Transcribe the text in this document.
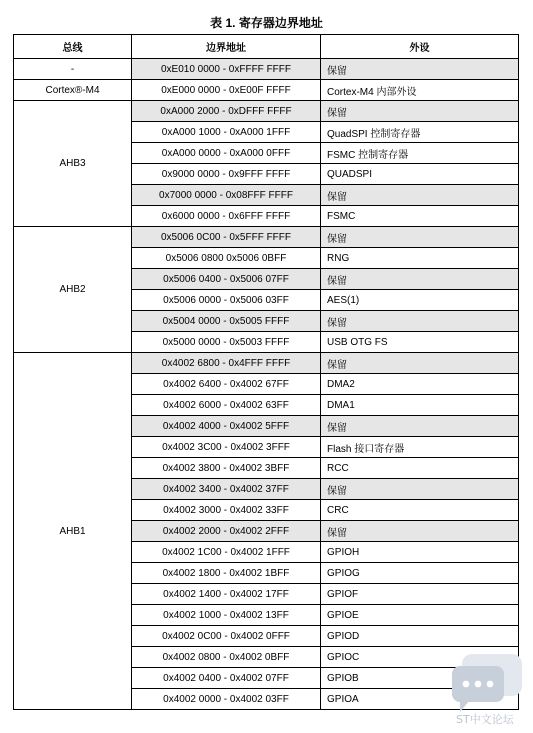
表 1. 寄存器边界地址
总线	边界地址	外设
-	0xE010 0000 - 0xFFFF FFFF	保留
Cortex®-M4	0xE000 0000 - 0xE00F FFFF	Cortex-M4 内部外设
AHB3	0xA000 2000 - 0xDFFF FFFF	保留
	0xA000 1000 - 0xA000 1FFF	QuadSPI 控制寄存器
	0xA000 0000 - 0xA000 0FFF	FSMC 控制寄存器
	0x9000 0000 - 0x9FFF FFFF	QUADSPI
	0x7000 0000 - 0x08FFF FFFF	保留
	0x6000 0000 - 0x6FFF FFFF	FSMC
AHB2	0x5006 0C00 - 0x5FFF FFFF	保留
	0x5006 0800 0x5006 0BFF	RNG
	0x5006 0400 - 0x5006 07FF	保留
	0x5006 0000 - 0x5006 03FF	AES(1)
	0x5004 0000 - 0x5005 FFFF	保留
	0x5000 0000 - 0x5003 FFFF	USB OTG FS
AHB1	0x4002 6800 - 0x4FFF FFFF	保留
	0x4002 6400 - 0x4002 67FF	DMA2
	0x4002 6000 - 0x4002 63FF	DMA1
	0x4002 4000 - 0x4002 5FFF	保留
	0x4002 3C00 - 0x4002 3FFF	Flash 接口寄存器
	0x4002 3800 - 0x4002 3BFF	RCC
	0x4002 3400 - 0x4002 37FF	保留
	0x4002 3000 - 0x4002 33FF	CRC
	0x4002 2000 - 0x4002 2FFF	保留
	0x4002 1C00 - 0x4002 1FFF	GPIOH
	0x4002 1800 - 0x4002 1BFF	GPIOG
	0x4002 1400 - 0x4002 17FF	GPIOF
	0x4002 1000 - 0x4002 13FF	GPIOE
	0x4002 0C00 - 0x4002 0FFF	GPIOD
	0x4002 0800 - 0x4002 0BFF	GPIOC
	0x4002 0400 - 0x4002 07FF	GPIOB
	0x4002 0000 - 0x4002 03FF	GPIOA
ST中文论坛
